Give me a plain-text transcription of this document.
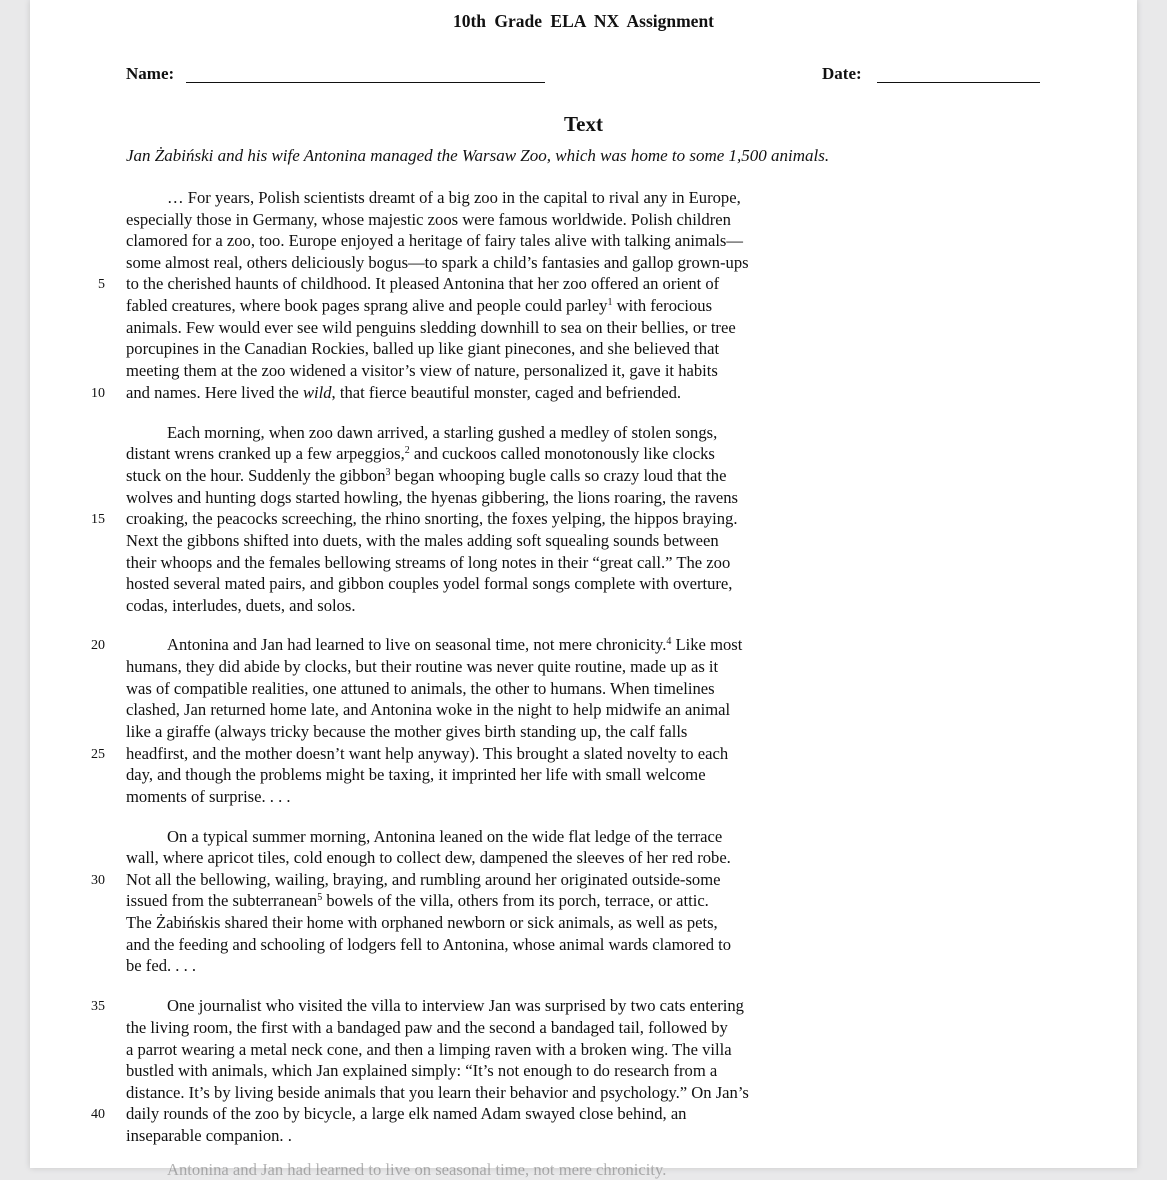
10th Grade ELA NX Assignment
Name:	Date:
Text
Jan Żabiński and his wife Antonina managed the Warsaw Zoo, which was home to some 1,500 animals.
… For years, Polish scientists dreamt of a big zoo in the capital to rival any in Europe,
especially those in Germany, whose majestic zoos were famous worldwide. Polish children
clamored for a zoo, too. Europe enjoyed a heritage of fairy tales alive with talking animals—
some almost real, others deliciously bogus—to spark a child’s fantasies and gallop grown-ups
to the cherished haunts of childhood. It pleased Antonina that her zoo offered an orient of
fabled creatures, where book pages sprang alive and people could parley$^1$ with ferocious
animals. Few would ever see wild penguins sledding downhill to sea on their bellies, or tree
porcupines in the Canadian Rockies, balled up like giant pinecones, and she believed that
meeting them at the zoo widened a visitor’s view of nature, personalized it, gave it habits
and names. Here lived the wild, that fierce beautiful monster, caged and befriended.
Each morning, when zoo dawn arrived, a starling gushed a medley of stolen songs,
distant wrens cranked up a few arpeggios,$^2$ and cuckoos called monotonously like clocks
stuck on the hour. Suddenly the gibbon$^3$ began whooping bugle calls so crazy loud that the
wolves and hunting dogs started howling, the hyenas gibbering, the lions roaring, the ravens
croaking, the peacocks screeching, the rhino snorting, the foxes yelping, the hippos braying.
Next the gibbons shifted into duets, with the males adding soft squealing sounds between
their whoops and the females bellowing streams of long notes in their “great call.” The zoo
hosted several mated pairs, and gibbon couples yodel formal songs complete with overture,
codas, interludes, duets, and solos.
Antonina and Jan had learned to live on seasonal time, not mere chronicity.$^4$ Like most
humans, they did abide by clocks, but their routine was never quite routine, made up as it
was of compatible realities, one attuned to animals, the other to humans. When timelines
clashed, Jan returned home late, and Antonina woke in the night to help midwife an animal
like a giraffe (always tricky because the mother gives birth standing up, the calf falls
headfirst, and the mother doesn’t want help anyway). This brought a slated novelty to each
day, and though the problems might be taxing, it imprinted her life with small welcome
moments of surprise. . . .
On a typical summer morning, Antonina leaned on the wide flat ledge of the terrace
wall, where apricot tiles, cold enough to collect dew, dampened the sleeves of her red robe.
Not all the bellowing, wailing, braying, and rumbling around her originated outside-some
issued from the subterranean$^5$ bowels of the villa, others from its porch, terrace, or attic.
The Żabińskis shared their home with orphaned newborn or sick animals, as well as pets,
and the feeding and schooling of lodgers fell to Antonina, whose animal wards clamored to
be fed. . . .
One journalist who visited the villa to interview Jan was surprised by two cats entering
the living room, the first with a bandaged paw and the second a bandaged tail, followed by
a parrot wearing a metal neck cone, and then a limping raven with a broken wing. The villa
bustled with animals, which Jan explained simply: “It’s not enough to do research from a
distance. It’s by living beside animals that you learn their behavior and psychology.” On Jan’s
daily rounds of the zoo by bicycle, a large elk named Adam swayed close behind, an
inseparable companion. .
Antonina and Jan had learned to live on seasonal time, not mere chronicity.
5
10
15
20
25
30
35
40
